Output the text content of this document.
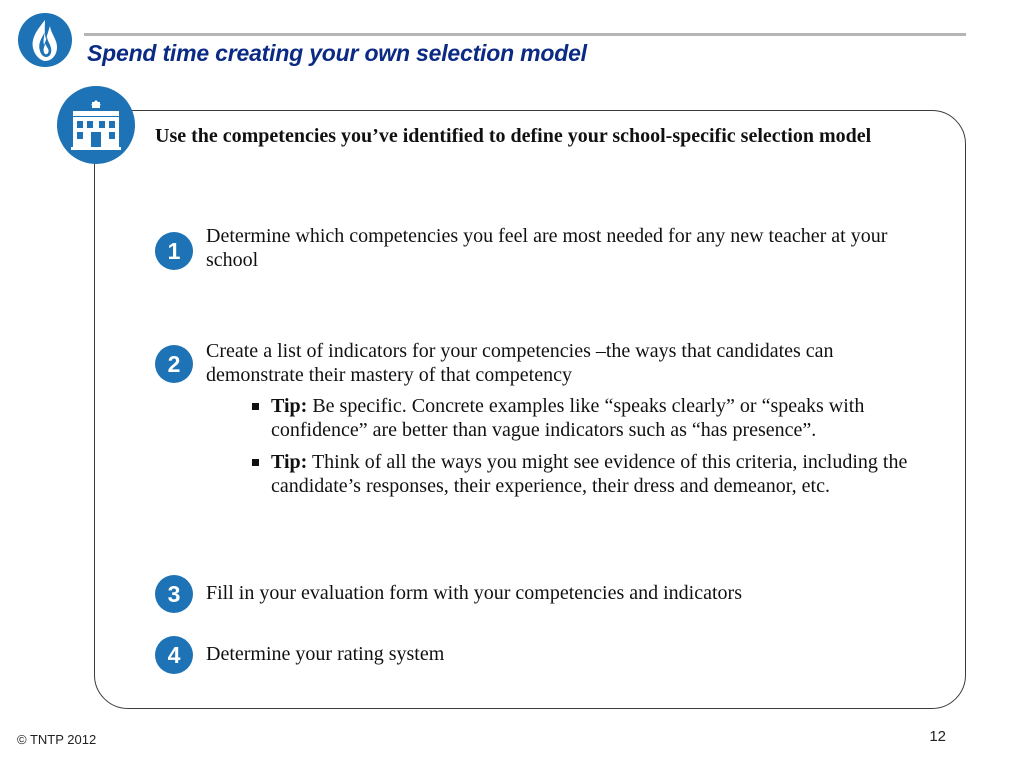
Spend time creating your own selection model
Use the competencies you’ve identified to define your school-specific selection model
1
Determine which competencies you feel are most needed for any new teacher at your school
2	Create a list of indicators for your competencies –the ways that candidates can demonstrate their mastery of that competency
Tip: Be specific. Concrete examples like “speaks clearly” or “speaks with confidence” are better than vague indicators such as “has presence”.
Tip: Think of all the ways you might see evidence of this criteria, including the candidate’s responses, their experience, their dress and demeanor, etc.
3	Fill in your evaluation form with your competencies and indicators
4	Determine your rating system
© TNTP 2012	12
